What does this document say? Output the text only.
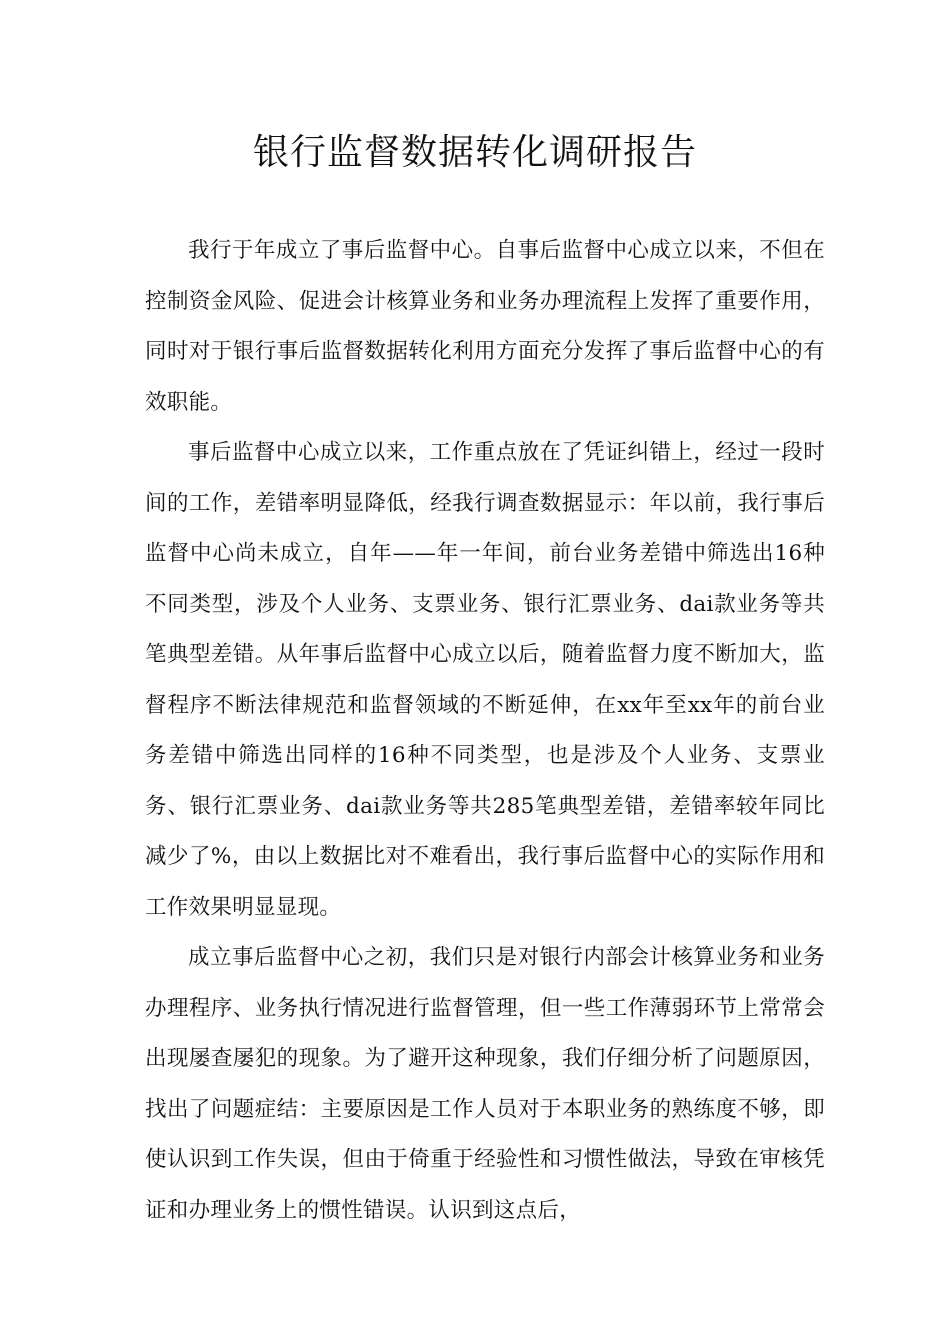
银行监督数据转化调研报告

我行于年成立了事后监督中心。自事后监督中心成立以来，不但在控制资金风险、促进会计核算业务和业务办理流程上发挥了重要作用，同时对于银行事后监督数据转化利用方面充分发挥了事后监督中心的有效职能。

事后监督中心成立以来，工作重点放在了凭证纠错上，经过一段时间的工作，差错率明显降低，经我行调查数据显示：年以前，我行事后监督中心尚未成立，自年——年一年间，前台业务差错中筛选出16种不同类型，涉及个人业务、支票业务、银行汇票业务、dai款业务等共笔典型差错。从年事后监督中心成立以后，随着监督力度不断加大，监督程序不断法律规范和监督领域的不断延伸，在xx年至xx年的前台业务差错中筛选出同样的16种不同类型，也是涉及个人业务、支票业务、银行汇票业务、dai款业务等共285笔典型差错，差错率较年同比减少了%，由以上数据比对不难看出，我行事后监督中心的实际作用和工作效果明显显现。

成立事后监督中心之初，我们只是对银行内部会计核算业务和业务办理程序、业务执行情况进行监督管理，但一些工作薄弱环节上常常会出现屡查屡犯的现象。为了避开这种现象，我们仔细分析了问题原因，找出了问题症结：主要原因是工作人员对于本职业务的熟练度不够，即使认识到工作失误，但由于倚重于经验性和习惯性做法，导致在审核凭证和办理业务上的惯性错误。认识到这点后，
